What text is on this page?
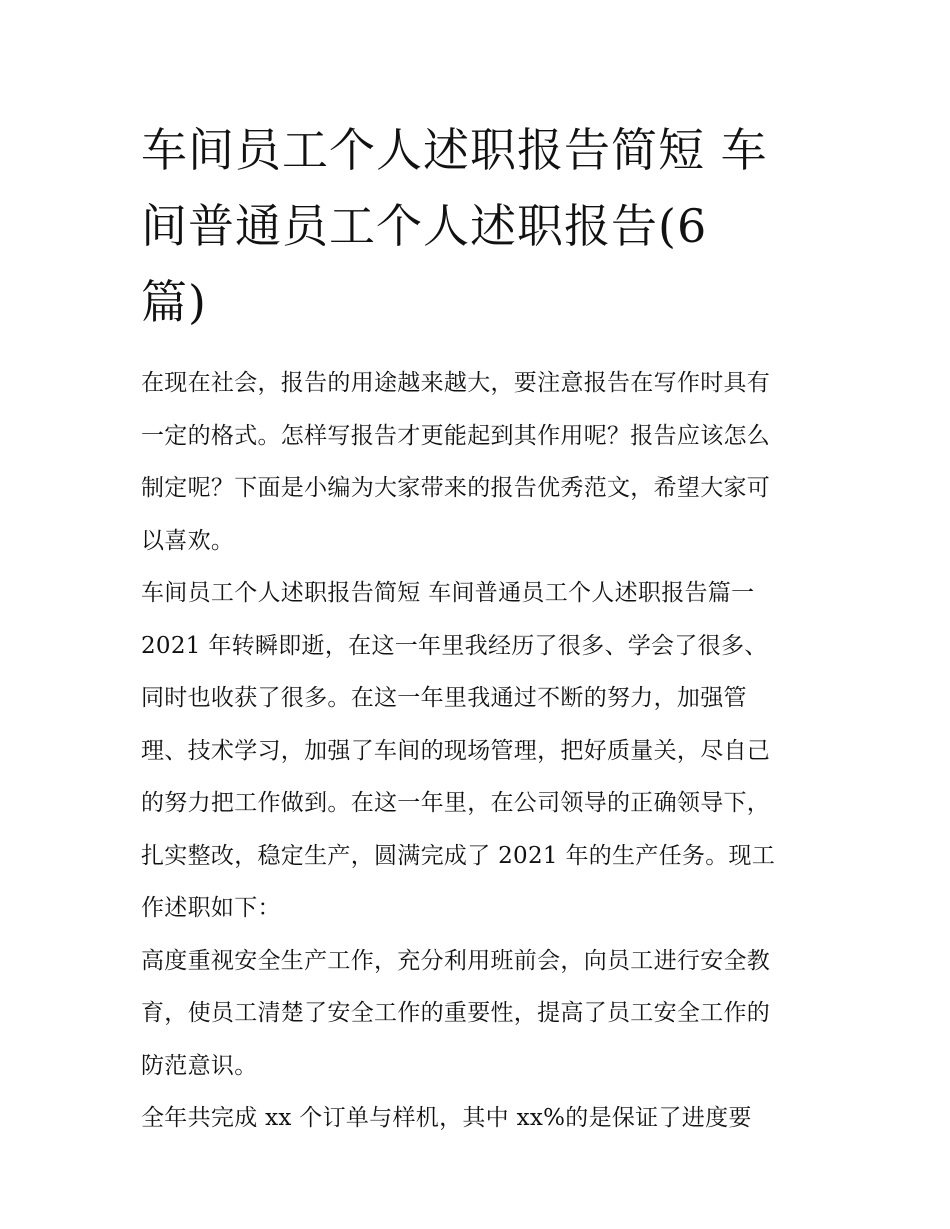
车间员工个人述职报告简短 车
间普通员工个人述职报告(6
篇)

在现在社会，报告的用途越来越大，要注意报告在写作时具有
一定的格式。怎样写报告才更能起到其作用呢？报告应该怎么
制定呢？下面是小编为大家带来的报告优秀范文，希望大家可
以喜欢。

车间员工个人述职报告简短 车间普通员工个人述职报告篇一

2021 年转瞬即逝，在这一年里我经历了很多、学会了很多、
同时也收获了很多。在这一年里我通过不断的努力，加强管
理、技术学习，加强了车间的现场管理，把好质量关，尽自己
的努力把工作做到。在这一年里，在公司领导的正确领导下，
扎实整改，稳定生产，圆满完成了 2021 年的生产任务。现工
作述职如下：

高度重视安全生产工作，充分利用班前会，向员工进行安全教
育，使员工清楚了安全工作的重要性，提高了员工安全工作的
防范意识。

全年共完成 xx 个订单与样机，其中 xx%的是保证了进度要
